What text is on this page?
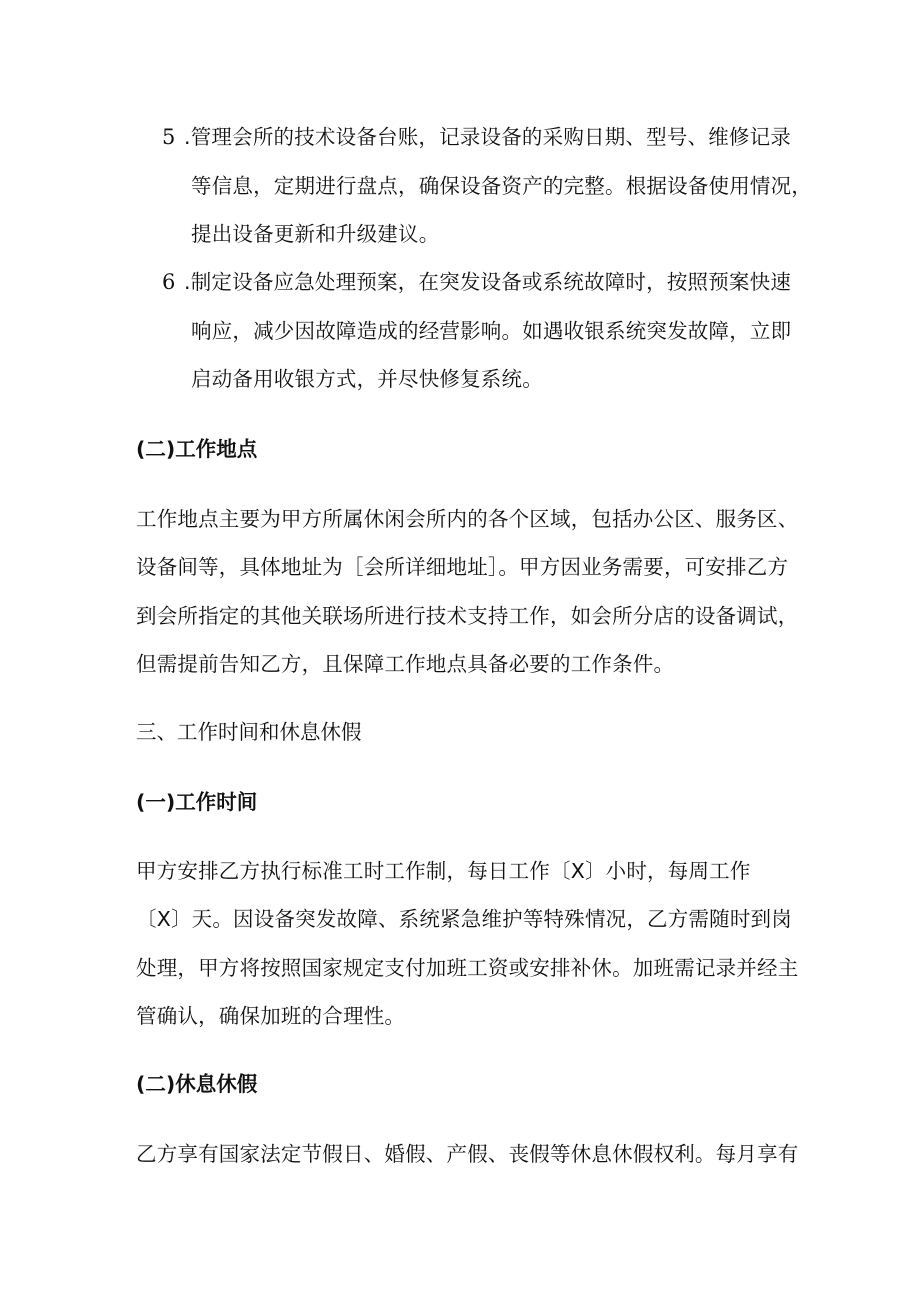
5 .管理会所的技术设备台账，记录设备的采购日期、型号、维修记录
等信息，定期进行盘点，确保设备资产的完整。根据设备使用情况，
提出设备更新和升级建议。
6 .制定设备应急处理预案，在突发设备或系统故障时，按照预案快速
响应，减少因故障造成的经营影响。如遇收银系统突发故障，立即
启动备用收银方式，并尽快修复系统。
(二)工作地点
工作地点主要为甲方所属休闲会所内的各个区域，包括办公区、服务区、
设备间等，具体地址为［会所详细地址］。甲方因业务需要，可安排乙方
到会所指定的其他关联场所进行技术支持工作，如会所分店的设备调试，
但需提前告知乙方，且保障工作地点具备必要的工作条件。
三、工作时间和休息休假
(一)工作时间
甲方安排乙方执行标准工时工作制，每日工作〔X〕小时，每周工作
〔X〕天。因设备突发故障、系统紧急维护等特殊情况，乙方需随时到岗
处理，甲方将按照国家规定支付加班工资或安排补休。加班需记录并经主
管确认，确保加班的合理性。
(二)休息休假
乙方享有国家法定节假日、婚假、产假、丧假等休息休假权利。每月享有
